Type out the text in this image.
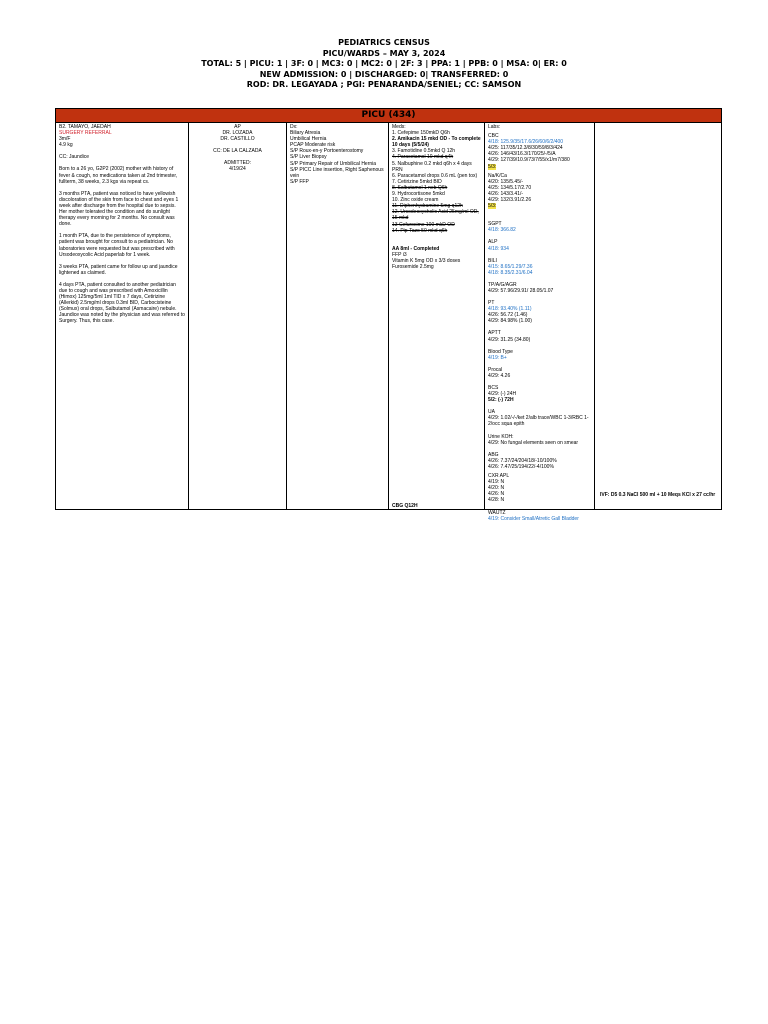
PEDIATRICS CENSUS
PICU/WARDS – MAY 3, 2024
TOTAL: 5 | PICU: 1 | 3F: 0 | MC3: 0 | MC2: 0 | 2F: 3 | PPA: 1 | PPB: 0 | MSA: 0| ER: 0
NEW ADMISSION: 0 | DISCHARGED: 0| TRANSFERRED: 0
ROD: DR. LEGAYADA ; PGI: PENARANDA/SENIEL; CC: SAMSON
PICU (434)
B2. TAMAYO, JAEDAH
SURGERY REFERRAL
3m/F
4.9 kg
CC: Jaundice
Born to a 26 yo, G2P2 (2002) mother with history of fever & cough, no medications taken at 2nd trimester, fullterm, 38 weeks, 2.3 kgs via repeat cs.
3 months PTA, patient was noticed to have yellowish discoloration of the skin from face to chest and eyes 1 week after discharge from the hospital due to sepsis. Her mother tolerated the condition and do sunlight therapy every morning for 2 months. No consult was done.
1 month PTA, due to the persistence of symptoms, patient was brought for consult to a pediatrician. No laboratories were requested but was prescribed with Ursodeoxycolic Acid paperlab for 1 week.
3 weeks PTA, patient came for follow up and jaundice lightened as claimed.
4 days PTA, patient consulted to another pediatrician due to cough and was prescribed with Amoxicillin (Himox) 125mg/5ml 1ml TID x 7 days, Cetirizine (Allerkid) 2.5mg/ml drops 0.3ml BID, Carbocisteine (Solmux) oral drops, Salbutamol (Asmacaire) nebule. Jaundice was noted by the physician and was referred to Surgery. Thus, this case.
AP
DR. LOZADA
DR. CASTILLO
CC: DE LA CALZADA
ADMITTED:
4/19/24
Dx:
Biliary Atresia
Umbilical Hernia
PCAP Moderate risk
S/P Roux-en-y Portoenterostomy
S/P Liver Biopsy
S/P Primary Repair of Umbilical Hernia
S/P PICC Line insertion, Right Saphenous vein
S/P FFP
Meds:
1. Cefepime 150mkD Q6h
2. Amikacin 15 mkd OD - To complete 10 days (5/5/24)
3. Famotidine 0.5mkd Q 12h
4. Paracetamol 10 mkd q4h
5. Nalbuphine 0.2 mkd q6h x 4 days PRN
6. Paracetamol drops 0.6 mL (pen tox)
7. Cetirizine 5mkd BID
8. Salbutamol 1 neb Q6h
9. Hydrocortisone 5mkd
10. Zinc oxide cream
11. Diphenhydramine 5mg q12h
12. Ursodeoxycholic Acid 25mg/ml OD, 15 mkd
13 Cefuroxime 100 mkD OD
14. Pip-Tazo 50 mkd q6h
AA 8ml - Completed
FFP i3
Vitamin K 5mg OD x 3/3 doses
Furosemide 2.5mg
CBG Q12H
Labs:
CBC
4/18: 125.9/35/17.6/26/60/6/2/400
4/25: 117/35/12.3/8/30/59/8/3/424
4/26: 146/43/16.3/170/25/-/5/A
4/29: 127/39/10.9/73/7/55/x1/m7/380
5/3:
Na/K/Ca
4/20: 135/5.45/-
4/25: 134/5.17/2.70
4/26: 143/3.41/-
4/29: 132/3.91/2.26
5/3:
SGPT
4/18: 366.82
ALP
4/18: 934
BILI
4/15: 8.65/1.29/7.36
4/18: 8.35/2.31/6.04
TP/A/G/AGR
4/29: 57.96/29.91/ 28.05/1.07
PT
4/18: 93.40% (1.11)
4/26: 56.72 (1.46)
4/29: 84.98% (1.00)
APTT
4/29: 31.25 (34.80)
Blood Type
4/19: B+
Procal
4/29: 4.26
BCS
4/29: (-) 24H
5/2: (-) 72H
UA
4/29: 1.02/-/-/ket 2/alb trace/WBC 1-3/RBC 1-2/occ squa epith
Urine KOH:
4/29: No fungal elements seen on smear
ABG
4/26: 7.37/24/204/18/-10/100%
4/26: 7.47/25/194/22/-4/100%
CXR APL
4/19: N
4/20: N
4/26: N
4/28: N
WAUTZ
4/19: Consider Small/Atretic Gall Bladder
IVF: D5 0.3 NaCl 500 ml + 10 Meqs KCl x 27 cc/hr
